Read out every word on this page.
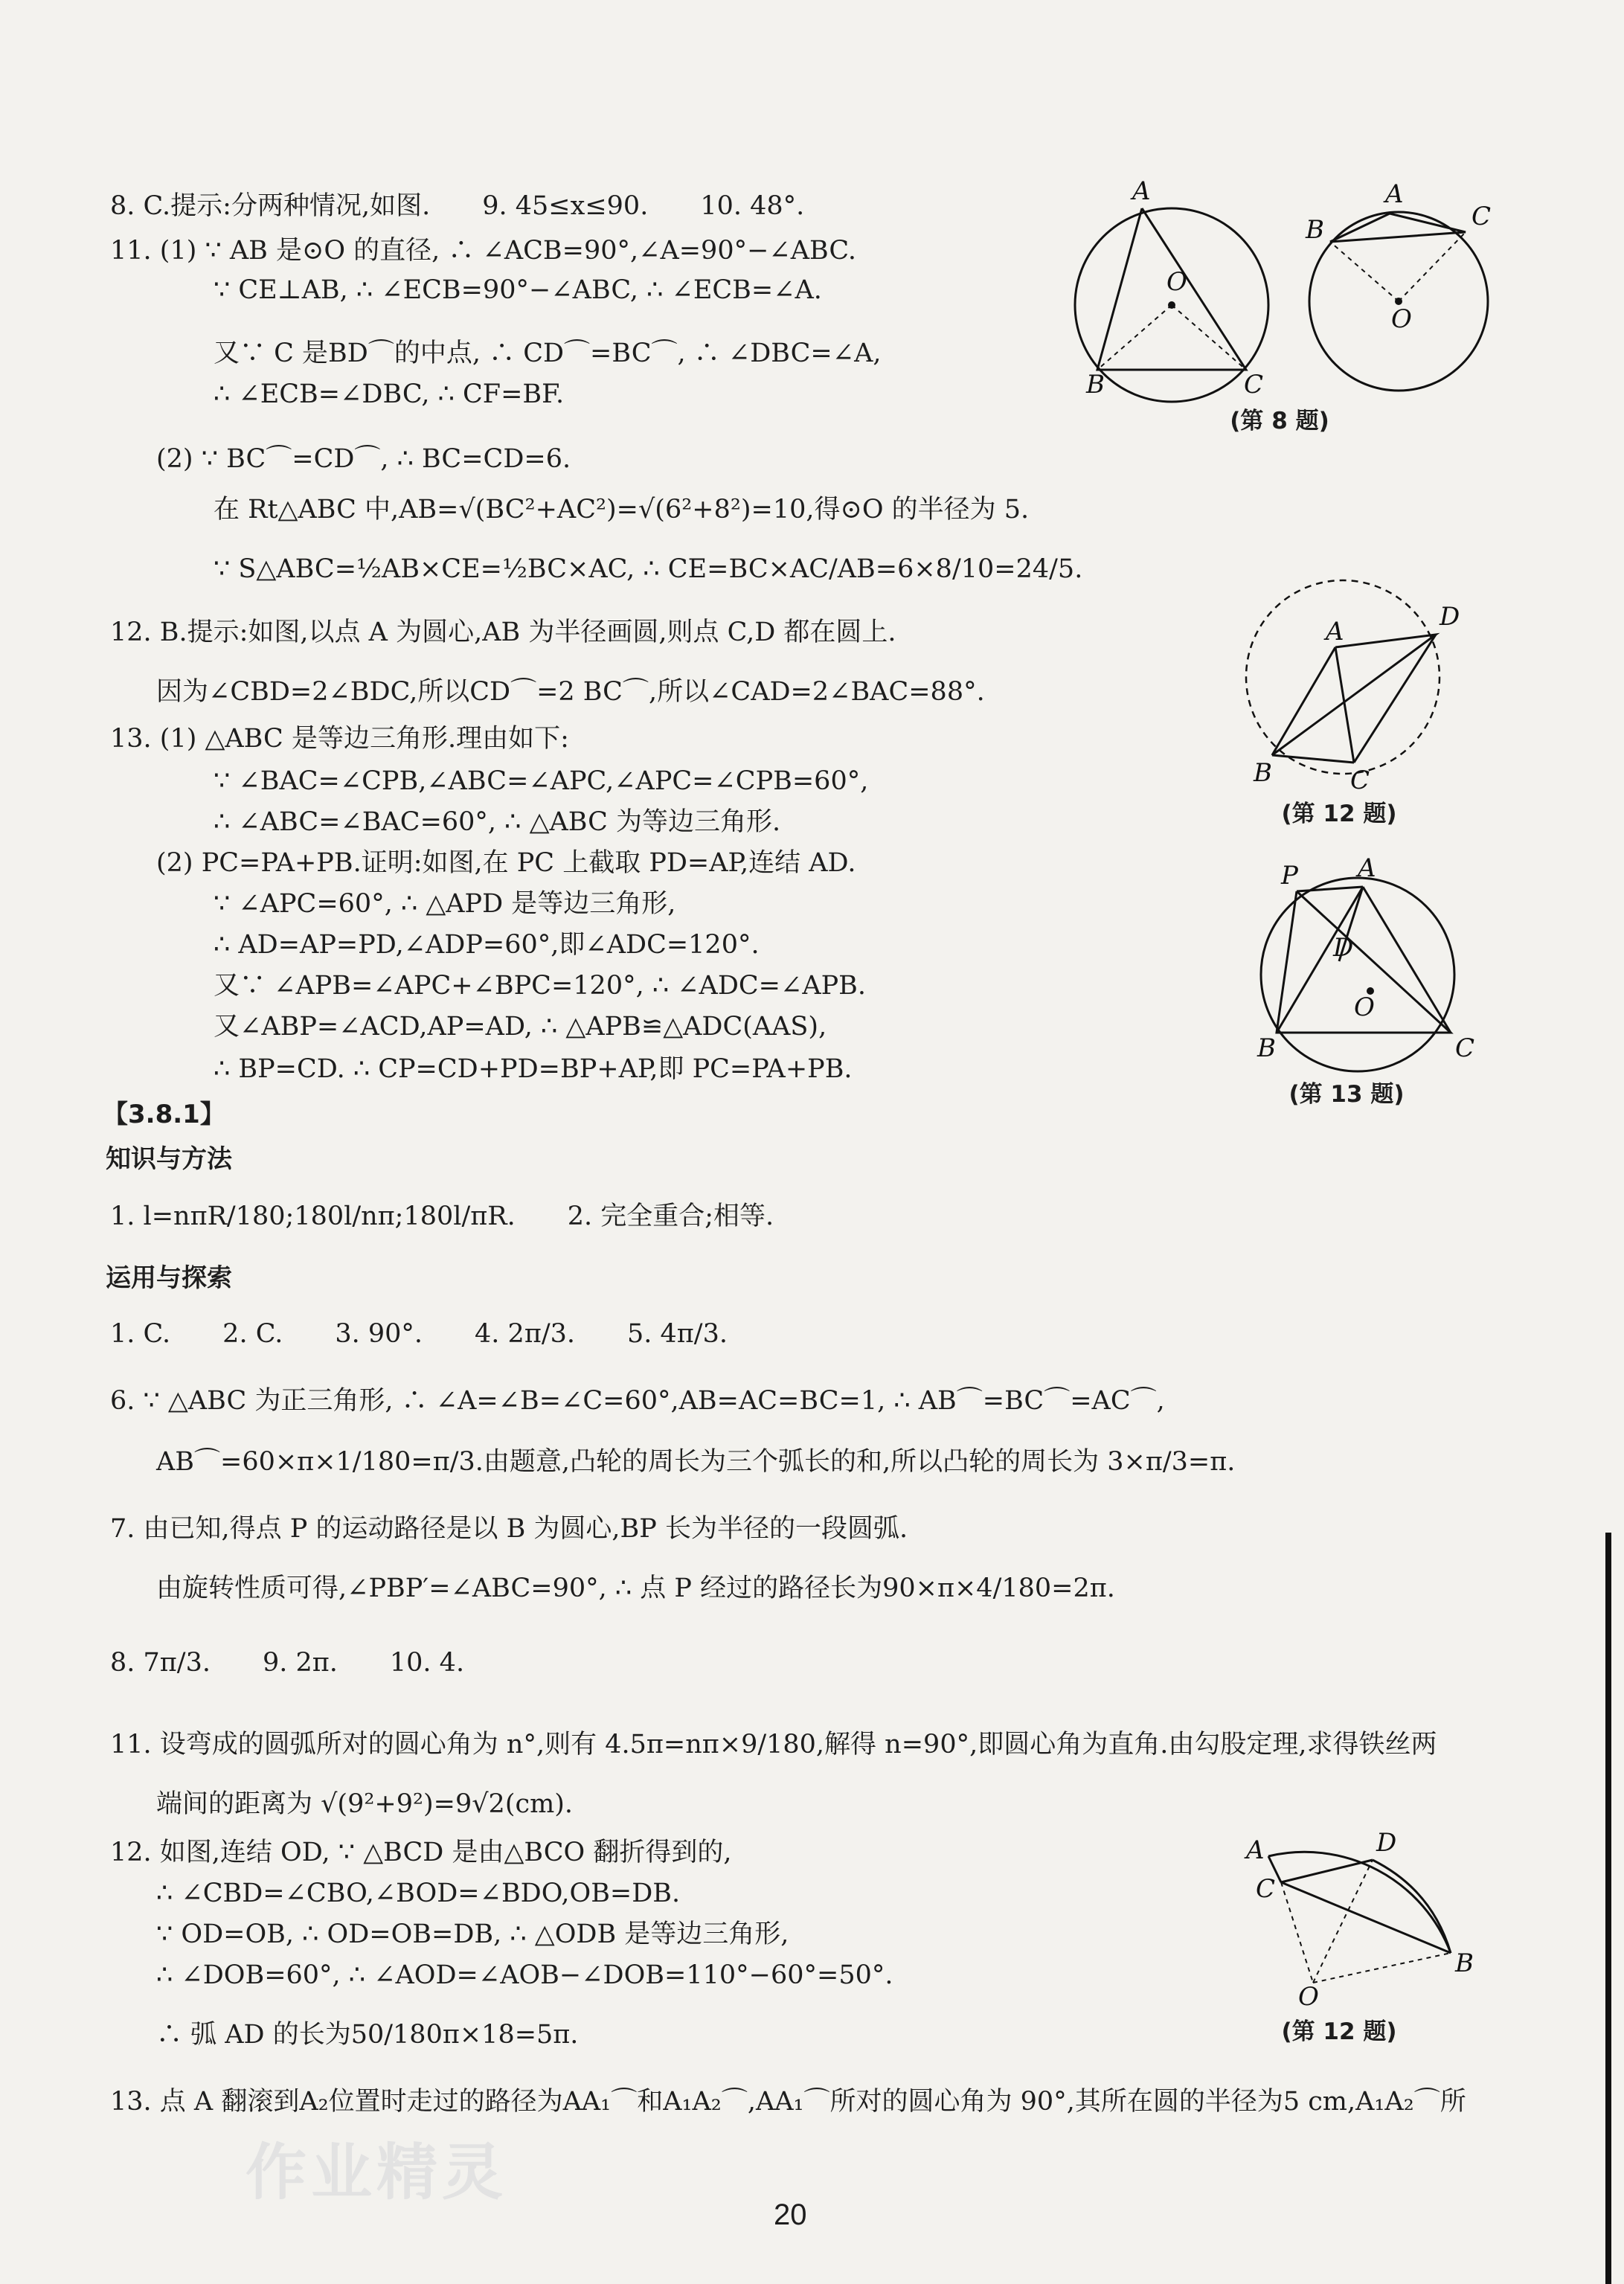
8. C.提示:分两种情况,如图.　　9. 45≤x≤90.　　10. 48°.
11. (1) ∵ AB 是⊙O 的直径, ∴ ∠ACB=90°,∠A=90°−∠ABC.
∵ CE⊥AB, ∴ ∠ECB=90°−∠ABC, ∴ ∠ECB=∠A.
又∵ C 是BD⌒的中点, ∴ CD⌒=BC⌒, ∴ ∠DBC=∠A,
∴ ∠ECB=∠DBC, ∴ CF=BF.
(2) ∵ BC⌒=CD⌒, ∴ BC=CD=6.
在 Rt△ABC 中,AB=√(BC²+AC²)=√(6²+8²)=10,得⊙O 的半径为 5.
∵ S△ABC=½AB×CE=½BC×AC, ∴ CE=BC×AC/AB=6×8/10=24/5.
12. B.提示:如图,以点 A 为圆心,AB 为半径画圆,则点 C,D 都在圆上.
因为∠CBD=2∠BDC,所以CD⌒=2 BC⌒,所以∠CAD=2∠BAC=88°.
13. (1) △ABC 是等边三角形.理由如下:
∵ ∠BAC=∠CPB,∠ABC=∠APC,∠APC=∠CPB=60°,
∴ ∠ABC=∠BAC=60°, ∴ △ABC 为等边三角形.
(2) PC=PA+PB.证明:如图,在 PC 上截取 PD=AP,连结 AD.
∵ ∠APC=60°, ∴ △APD 是等边三角形,
∴ AD=AP=PD,∠ADP=60°,即∠ADC=120°.
又∵ ∠APB=∠APC+∠BPC=120°, ∴ ∠ADC=∠APB.
又∠ABP=∠ACD,AP=AD, ∴ △APB≌△ADC(AAS),
∴ BP=CD. ∴ CP=CD+PD=BP+AP,即 PC=PA+PB.
【3.8.1】
知识与方法
1. l=nπR/180;180l/nπ;180l/πR.　　2. 完全重合;相等.
运用与探索
1. C.　　2. C.　　3. 90°.　　4. 2π/3.　　5. 4π/3.
6. ∵ △ABC 为正三角形, ∴ ∠A=∠B=∠C=60°,AB=AC=BC=1, ∴ AB⌒=BC⌒=AC⌒,
AB⌒=60×π×1/180=π/3.由题意,凸轮的周长为三个弧长的和,所以凸轮的周长为 3×π/3=π.
7. 由已知,得点 P 的运动路径是以 B 为圆心,BP 长为半径的一段圆弧.
由旋转性质可得,∠PBP′=∠ABC=90°, ∴ 点 P 经过的路径长为90×π×4/180=2π.
8. 7π/3.　　9. 2π.　　10. 4.
11. 设弯成的圆弧所对的圆心角为 n°,则有 4.5π=nπ×9/180,解得 n=90°,即圆心角为直角.由勾股定理,求得铁丝两
端间的距离为 √(9²+9²)=9√2(cm).
12. 如图,连结 OD, ∵ △BCD 是由△BCO 翻折得到的,
∴ ∠CBD=∠CBO,∠BOD=∠BDO,OB=DB.
∵ OD=OB, ∴ OD=OB=DB, ∴ △ODB 是等边三角形,
∴ ∠DOB=60°, ∴ ∠AOD=∠AOB−∠DOB=110°−60°=50°.
∴ 弧 AD 的长为50/180π×18=5π.
13. 点 A 翻滚到A₂位置时走过的路径为AA₁⌒和A₁A₂⌒,AA₁⌒所对的圆心角为 90°,其所在圆的半径为5 cm,A₁A₂⌒所
A
O
B	C
A
B	C
O
(第 8 题)
A	D
B	C
(第 12 题)
A
P
D
O
B	C
(第 13 题)
A	D
C
O
B
(第 12 题)
作业精灵
20
